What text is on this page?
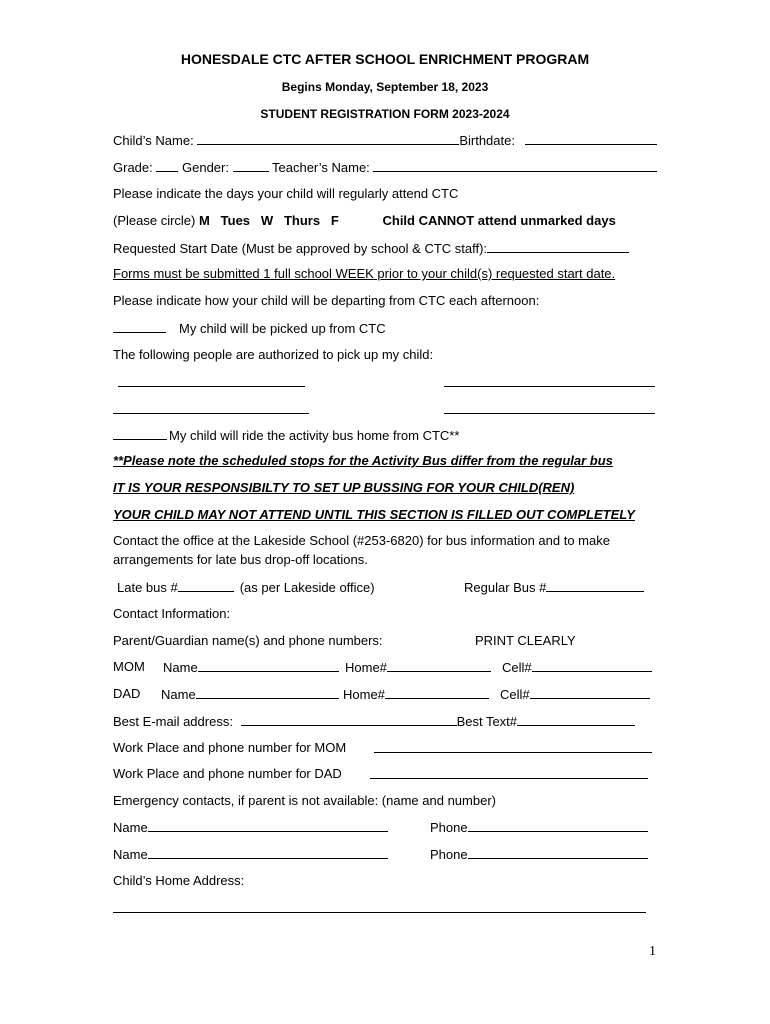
HONESDALE CTC AFTER SCHOOL ENRICHMENT PROGRAM
Begins Monday, September 18, 2023
STUDENT REGISTRATION FORM 2023-2024
Child’s Name:	Birthdate:
Grade: Gender:	Teacher’s Name:
Please indicate the days your child will regularly attend CTC
(Please circle) M   Tues   W   Thurs   F	Child CANNOT attend unmarked days
Requested Start Date (Must be approved by school & CTC staff):
Forms must be submitted 1 full school WEEK prior to your child(s) requested start date.
Please indicate how your child will be departing from CTC each afternoon:
My child will be picked up from CTC
The following people are authorized to pick up my child:
My child will ride the activity bus home from CTC**
**Please note the scheduled stops for the Activity Bus differ from the regular bus
IT IS YOUR RESPONSIBILTY TO SET UP BUSSING FOR YOUR CHILD(REN)
YOUR CHILD MAY NOT ATTEND UNTIL THIS SECTION IS FILLED OUT COMPLETELY
Contact the office at the Lakeside School (#253-6820) for bus information and to make
arrangements for late bus drop-off locations.
Late bus #	(as per Lakeside office)	Regular Bus #
Contact Information:
Parent/Guardian name(s) and phone numbers:	PRINT CLEARLY
MOM Name	Home#	Cell#
DAD Name	Home#	Cell#
Best E-mail address:	Best Text#
Work Place and phone number for MOM
Work Place and phone number for DAD
Emergency contacts, if parent is not available: (name and number)
Name	Phone
Name	Phone
Child’s Home Address:
1
